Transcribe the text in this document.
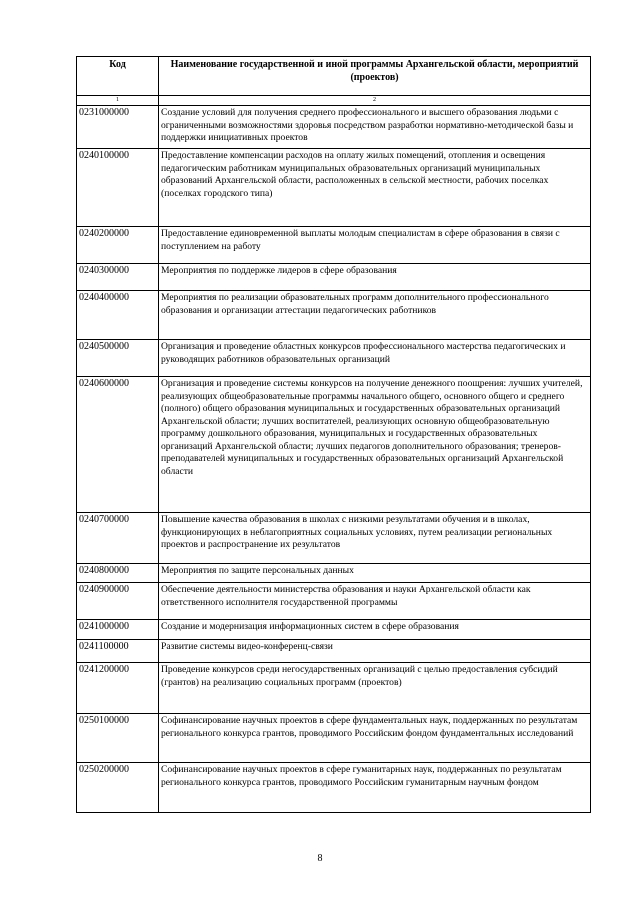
Код	Наименование государственной и иной программы Архангельской области, мероприятий (проектов)
1	2
0231000000	Создание условий для получения среднего профессионального и высшего образования людьми с ограниченными возможностями здоровья посредством разработки нормативно-методической базы и поддержки инициативных проектов
0240100000	Предоставление компенсации расходов на оплату жилых помещений, отопления и освещения педагогическим работникам муниципальных образовательных организаций муниципальных образований Архангельской области, расположенных в сельской местности, рабочих поселках (поселках городского типа)
0240200000	Предоставление единовременной выплаты молодым специалистам в сфере образования в связи с поступлением на работу
0240300000	Мероприятия по поддержке лидеров в сфере образования
0240400000	Мероприятия по реализации образовательных программ дополнительного профессионального образования и организации аттестации педагогических работников
0240500000	Организация и проведение областных конкурсов профессионального мастерства педагогических и руководящих работников образовательных организаций
0240600000	Организация и проведение системы конкурсов на получение денежного поощрения: лучших учителей, реализующих общеобразовательные программы начального общего, основного общего и среднего (полного) общего образования муниципальных и государственных образовательных организаций Архангельской области; лучших воспитателей, реализующих основную общеобразовательную программу дошкольного образования, муниципальных и государственных образовательных организаций Архангельской области; лучших педагогов дополнительного образования; тренеров-преподавателей муниципальных и государственных образовательных организаций Архангельской области
0240700000	Повышение качества образования в школах с низкими результатами обучения и в школах, функционирующих в неблагоприятных социальных условиях, путем реализации региональных проектов и распространение их результатов
0240800000	Мероприятия по защите персональных данных
0240900000	Обеспечение деятельности министерства образования и науки Архангельской области как ответственного исполнителя государственной программы
0241000000	Создание и модернизация информационных систем в сфере образования
0241100000	Развитие системы видео-конференц-связи
0241200000	Проведение конкурсов среди негосударственных организаций с целью предоставления субсидий (грантов) на реализацию социальных программ (проектов)
0250100000	Софинансирование научных проектов в сфере фундаментальных наук, поддержанных по результатам регионального конкурса грантов, проводимого Российским фондом фундаментальных исследований
0250200000	Софинансирование научных проектов в сфере гуманитарных наук, поддержанных по результатам регионального конкурса грантов, проводимого Российским гуманитарным научным фондом
8
